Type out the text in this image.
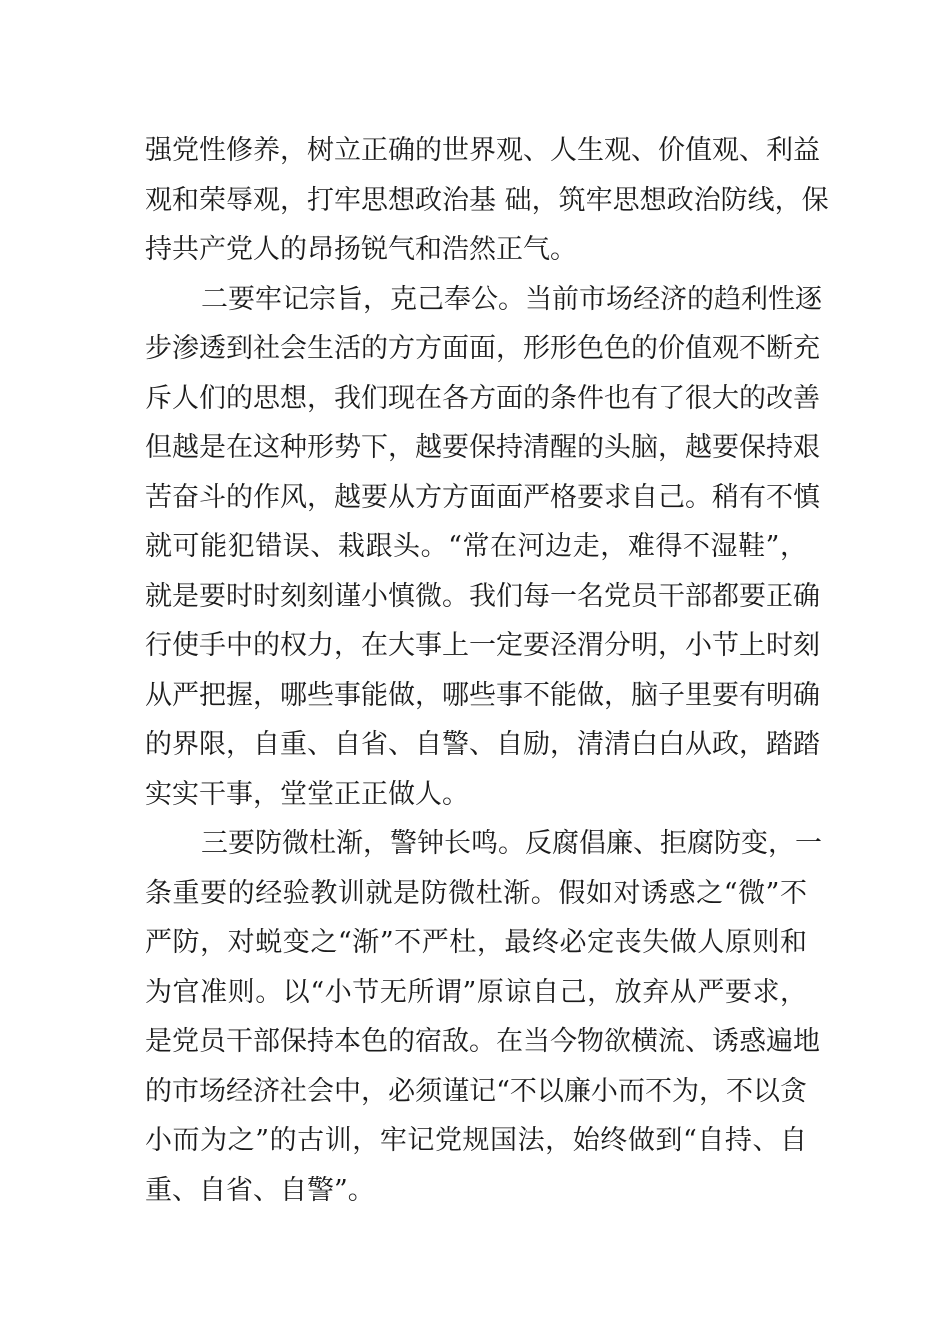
强党性修养，树立正确的世界观、人生观、价值观、利益
观和荣辱观，打牢思想政治基 础，筑牢思想政治防线，保
持共产党人的昂扬锐气和浩然正气。
二要牢记宗旨，克己奉公。当前市场经济的趋利性逐
步渗透到社会生活的方方面面，形形色色的价值观不断充
斥人们的思想，我们现在各方面的条件也有了很大的改善
但越是在这种形势下，越要保持清醒的头脑，越要保持艰
苦奋斗的作风，越要从方方面面严格要求自己。稍有不慎
就可能犯错误、栽跟头。“常在河边走，难得不湿鞋”，
就是要时时刻刻谨小慎微。我们每一名党员干部都要正确
行使手中的权力，在大事上一定要泾渭分明，小节上时刻
从严把握，哪些事能做，哪些事不能做，脑子里要有明确
的界限，自重、自省、自警、自励，清清白白从政，踏踏
实实干事，堂堂正正做人。
三要防微杜渐，警钟长鸣。反腐倡廉、拒腐防变，一
条重要的经验教训就是防微杜渐。假如对诱惑之“微”不
严防，对蜕变之“渐”不严杜，最终必定丧失做人原则和
为官准则。以“小节无所谓”原谅自己，放弃从严要求，
是党员干部保持本色的宿敌。在当今物欲横流、诱惑遍地
的市场经济社会中，必须谨记“不以廉小而不为，不以贪
小而为之”的古训，牢记党规国法，始终做到“自持、自
重、自省、自警”。
